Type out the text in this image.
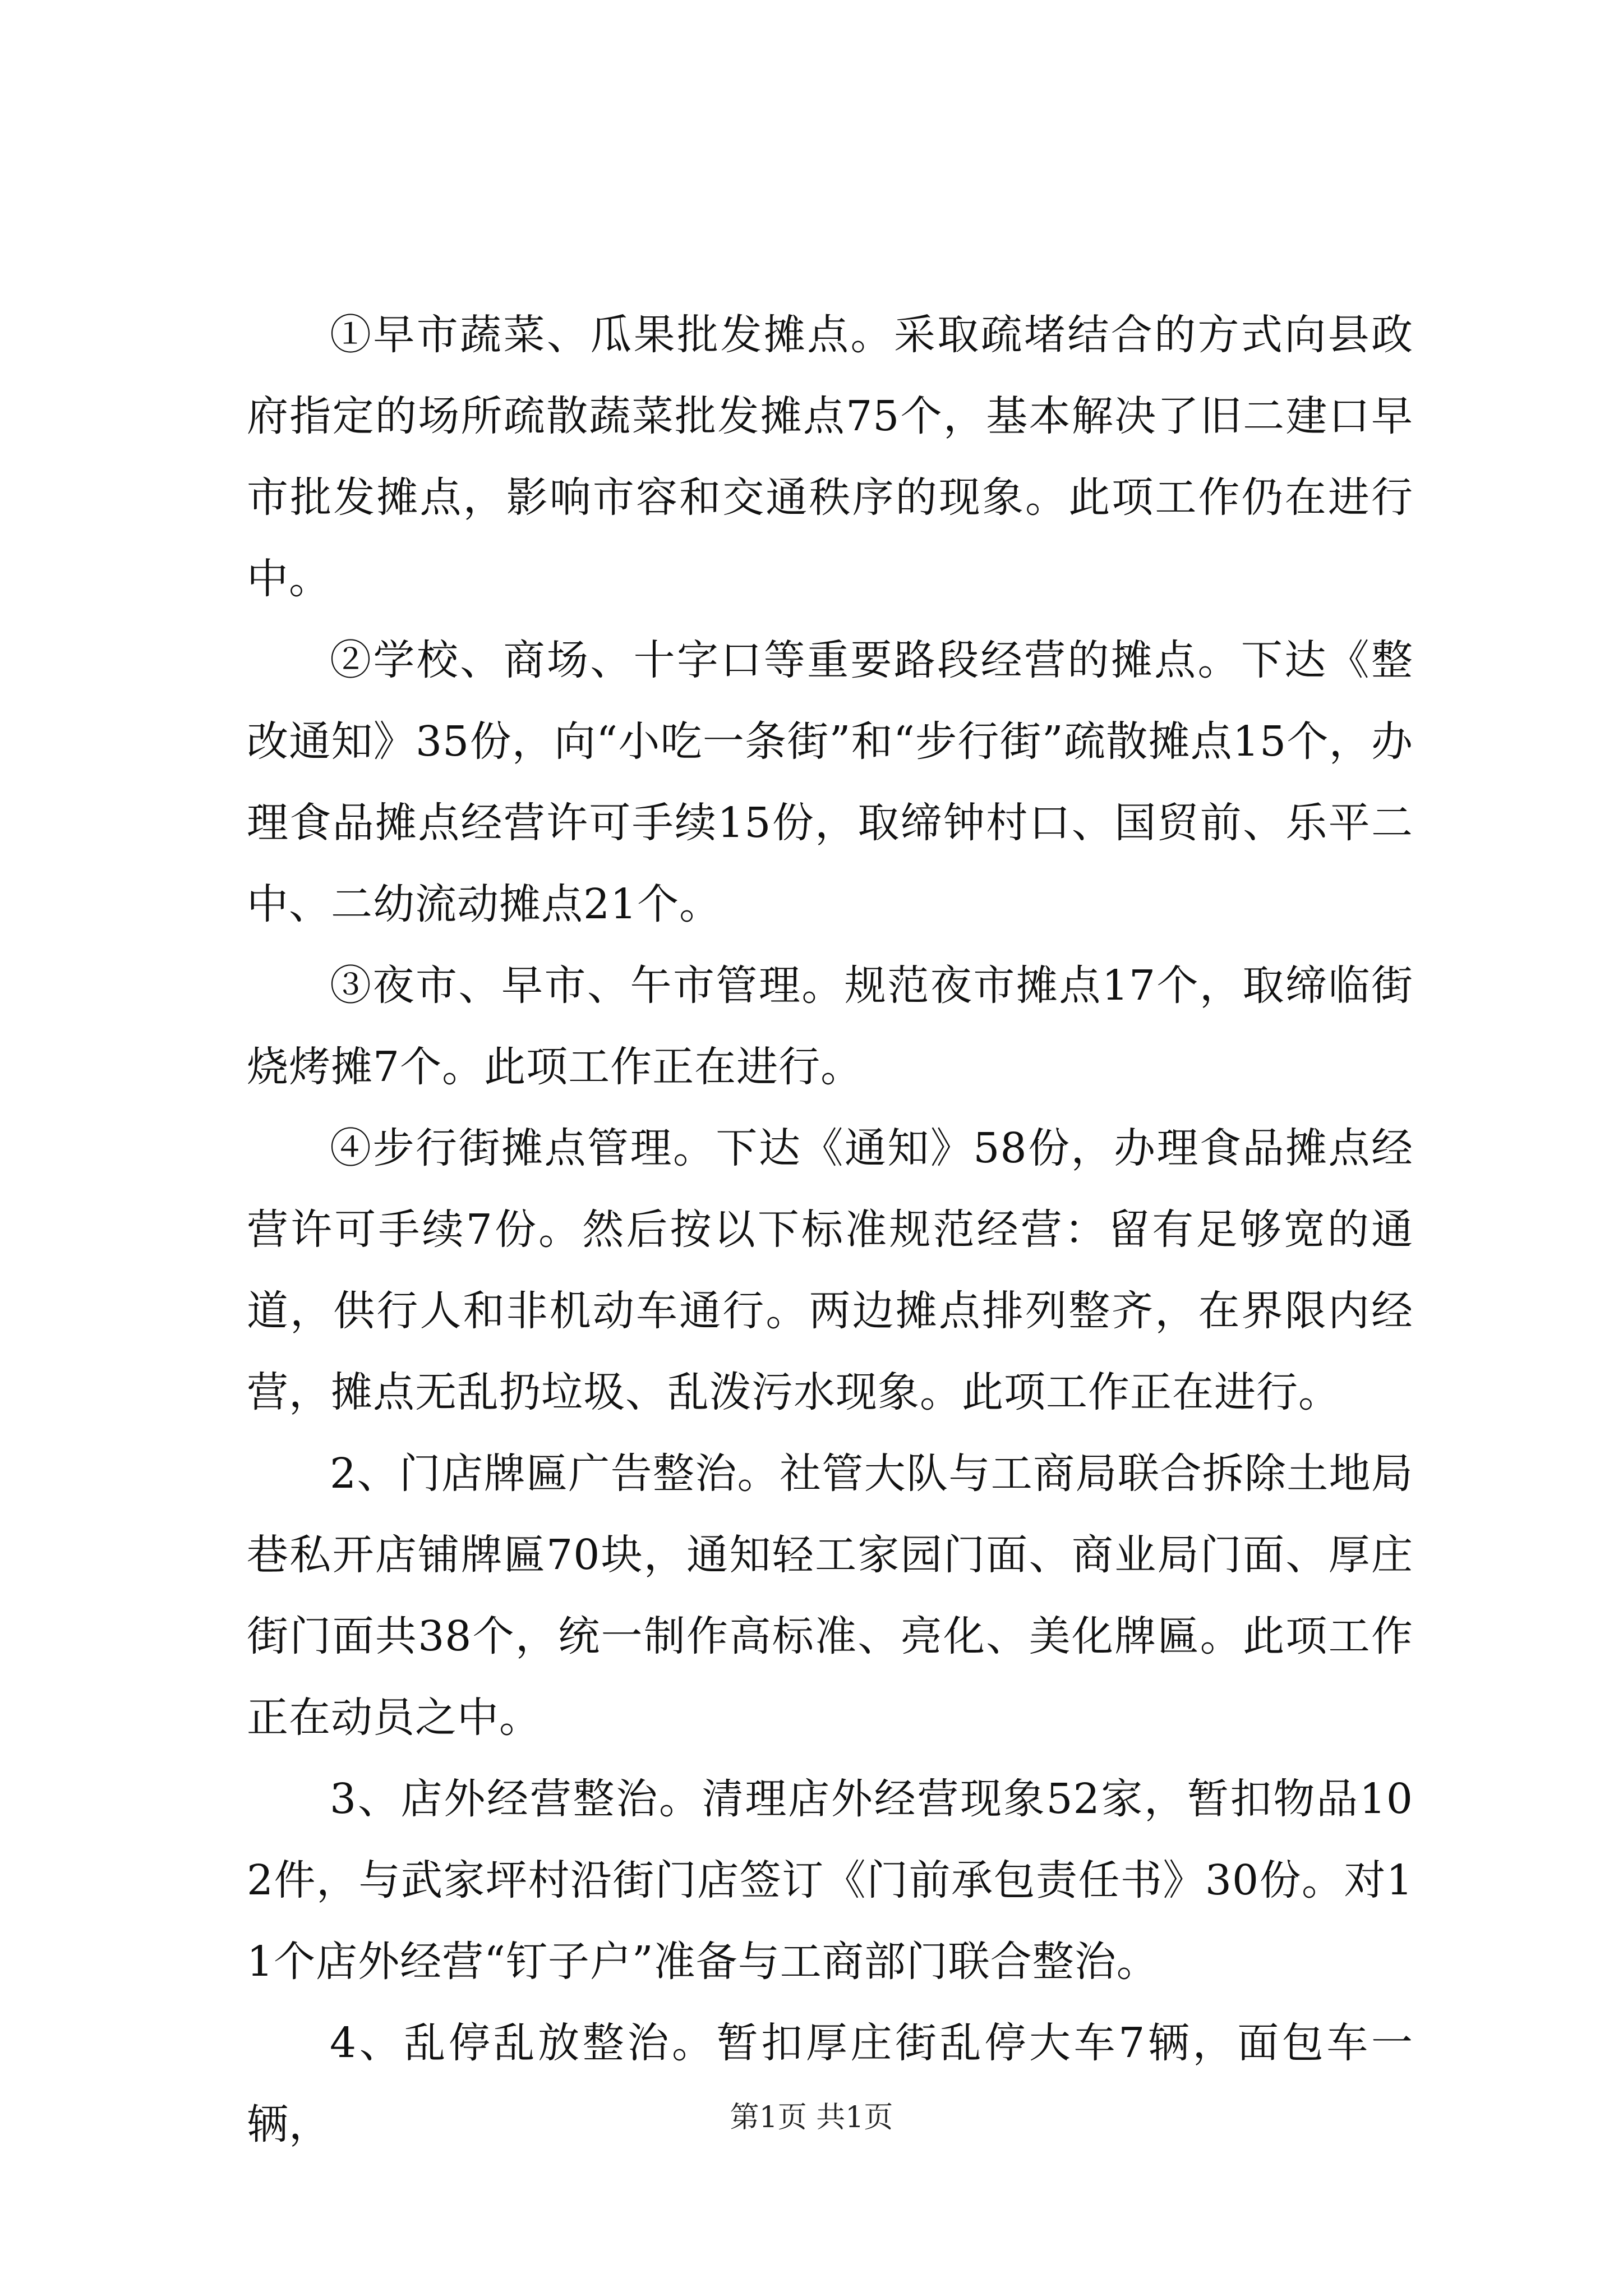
①早市蔬菜、瓜果批发摊点。采取疏堵结合的方式向县政府指定的场所疏散蔬菜批发摊点75个，基本解决了旧二建口早市批发摊点，影响市容和交通秩序的现象。此项工作仍在进行中。

②学校、商场、十字口等重要路段经营的摊点。下达《整改通知》35份，向“小吃一条街”和“步行街”疏散摊点15个，办理食品摊点经营许可手续15份，取缔钟村口、国贸前、乐平二中、二幼流动摊点21个。

③夜市、早市、午市管理。规范夜市摊点17个，取缔临街烧烤摊7个。此项工作正在进行。

④步行街摊点管理。下达《通知》58份，办理食品摊点经营许可手续7份。然后按以下标准规范经营：留有足够宽的通道，供行人和非机动车通行。两边摊点排列整齐，在界限内经营，摊点无乱扔垃圾、乱泼污水现象。此项工作正在进行。

2、门店牌匾广告整治。社管大队与工商局联合拆除土地局巷私开店铺牌匾70块，通知轻工家园门面、商业局门面、厚庄街门面共38个，统一制作高标准、亮化、美化牌匾。此项工作正在动员之中。

3、店外经营整治。清理店外经营现象52家，暂扣物品102件，与武家坪村沿街门店签订《门前承包责任书》30份。对11个店外经营“钉子户”准备与工商部门联合整治。

4、乱停乱放整治。暂扣厚庄街乱停大车7辆，面包车一辆，	第1页 共1页
